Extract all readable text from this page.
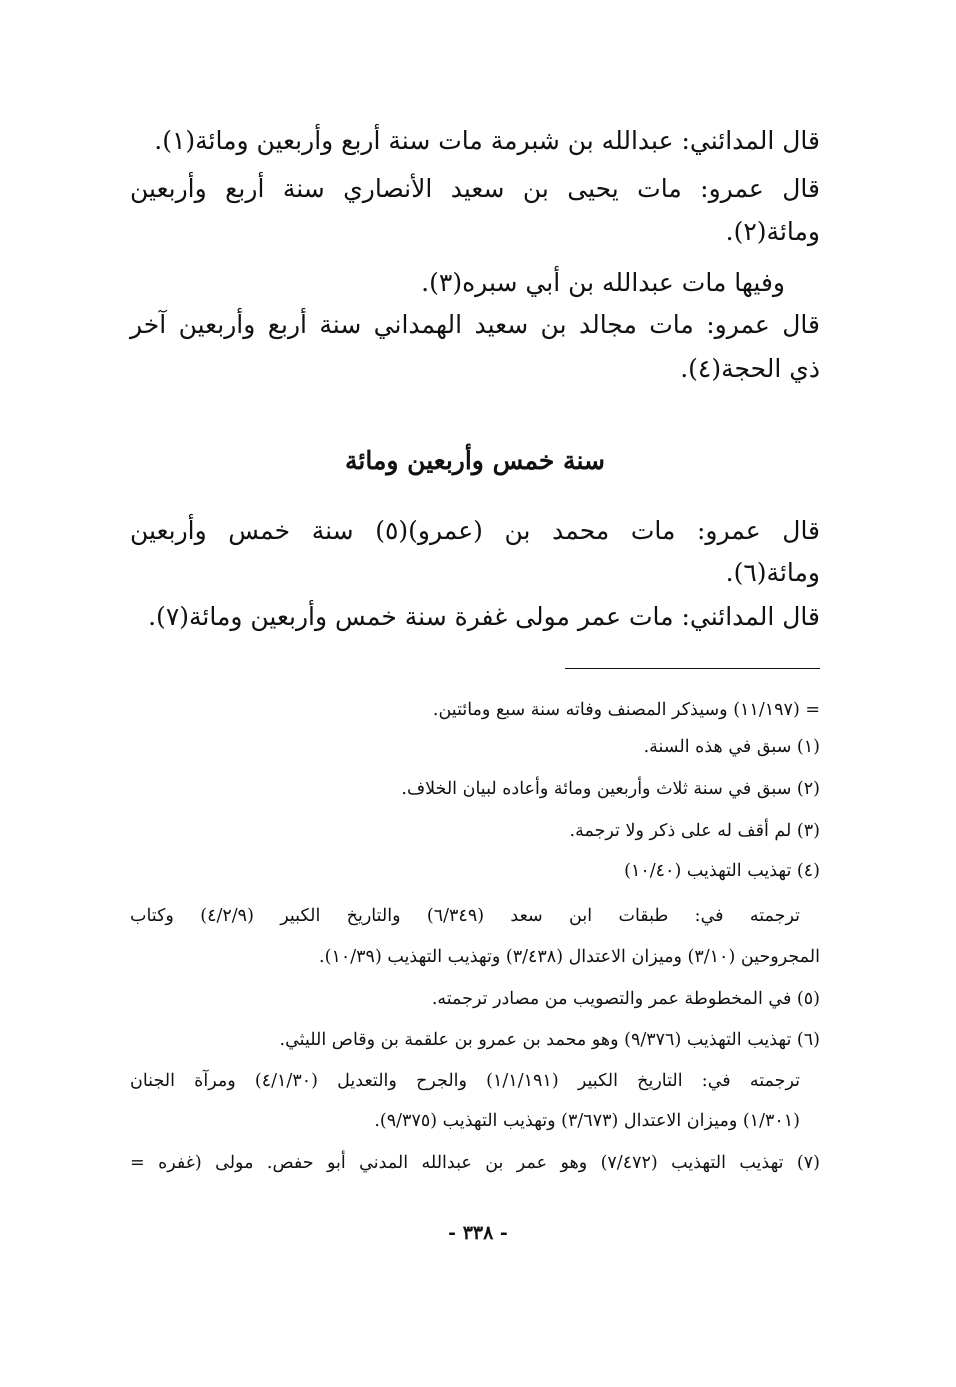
قال المدائني: عبدالله بن شبرمة مات سنة أربع وأربعين ومائة(١).
قال عمرو: مات يحيى بن سعيد الأنصاري سنة أربع وأربعين
ومائة(٢).
وفيها مات عبدالله بن أبي سبره(٣).
قال عمرو: مات مجالد بن سعيد الهمداني سنة أربع وأربعين آخر
ذي الحجة(٤).
سنة خمس وأربعين ومائة
قال عمرو: مات محمد بن (عمرو)(٥) سنة خمس وأربعين
ومائة(٦).
قال المدائني: مات عمر مولى غفرة سنة خمس وأربعين ومائة(٧).
= (١١/١٩٧) وسيذكر المصنف وفاته سنة سبع ومائتين.
(١) سبق في هذه السنة.
(٢) سبق في سنة ثلاث وأربعين ومائة وأعاده لبيان الخلاف.
(٣) لم أقف له على ذكر ولا ترجمة.
(٤) تهذيب التهذيب (١٠/٤٠)
ترجمته في: طبقات ابن سعد (٦/٣٤٩) والتاريخ الكبير (٤/٢/٩) وكتاب
المجروحين (٣/١٠) وميزان الاعتدال (٣/٤٣٨) وتهذيب التهذيب (١٠/٣٩).
(٥) في المخطوطة عمر والتصويب من مصادر ترجمته.
(٦) تهذيب التهذيب (٩/٣٧٦) وهو محمد بن عمرو بن علقمة بن وقاص الليثي.
ترجمته في: التاريخ الكبير (١/١/١٩١) والجرح والتعديل (٤/١/٣٠) ومرآة الجنان
(١/٣٠١) وميزان الاعتدال (٣/٦٧٣) وتهذيب التهذيب (٩/٣٧٥).
(٧) تهذيب التهذيب (٧/٤٧٢) وهو عمر بن عبدالله المدني أبو حفص. مولى (غفره =
- ٣٣٨ -
